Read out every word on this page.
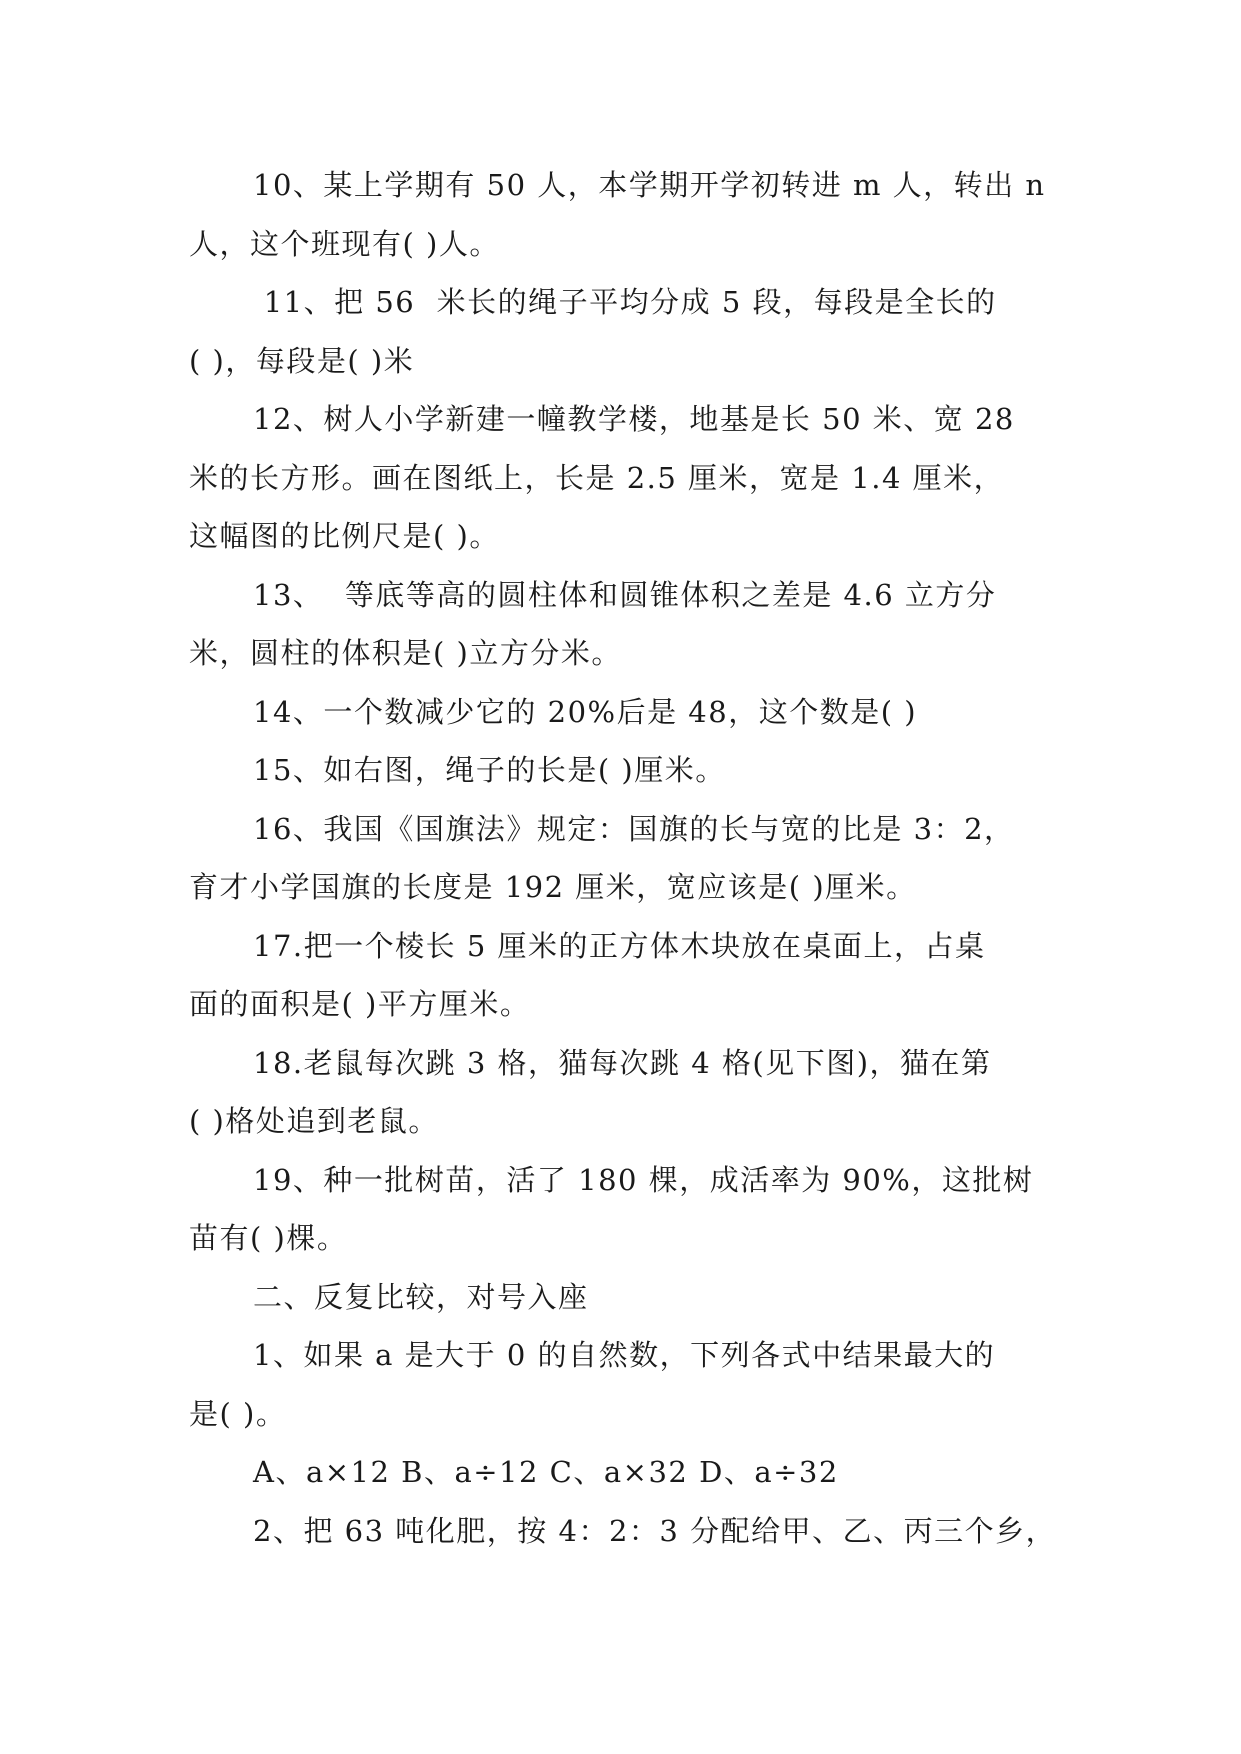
10、某上学期有 50 人，本学期开学初转进 m 人，转出 n
人，这个班现有( )人。
11、把 56  米长的绳子平均分成 5 段，每段是全长的
( )，每段是( )米
12、树人小学新建一幢教学楼，地基是长 50 米、宽 28
米的长方形。画在图纸上，长是 2.5 厘米，宽是 1.4 厘米，
这幅图的比例尺是( )。
13、  等底等高的圆柱体和圆锥体积之差是 4.6 立方分
米，圆柱的体积是( )立方分米。
14、一个数减少它的 20%后是 48，这个数是( )
15、如右图，绳子的长是( )厘米。
16、我国《国旗法》规定：国旗的长与宽的比是 3：2，
育才小学国旗的长度是 192 厘米，宽应该是( )厘米。
17.把一个棱长 5 厘米的正方体木块放在桌面上，占桌
面的面积是( )平方厘米。
18.老鼠每次跳 3 格，猫每次跳 4 格(见下图)，猫在第
( )格处追到老鼠。
19、种一批树苗，活了 180 棵，成活率为 90%，这批树
苗有( )棵。
二、反复比较，对号入座
1、如果 a 是大于 0 的自然数，下列各式中结果最大的
是( )。
A、a×12 B、a÷12 C、a×32 D、a÷32
2、把 63 吨化肥，按 4：2：3 分配给甲、乙、丙三个乡，
